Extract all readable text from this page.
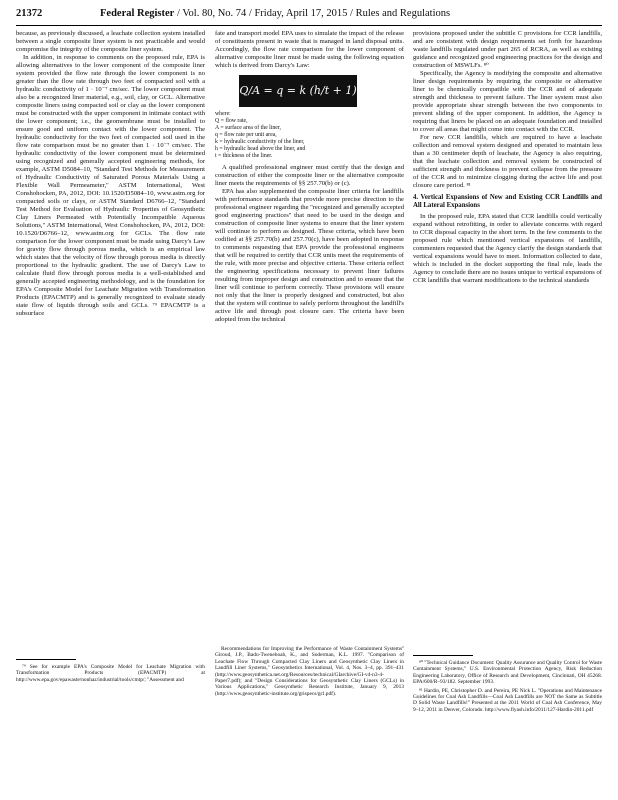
21372	Federal Register / Vol. 80, No. 74 / Friday, April 17, 2015 / Rules and Regulations

because, as previously discussed, a leachate collection system installed between a single composite liner system is not practicable and would compromise the integrity of the composite liner system.

In addition, in response to comments on the proposed rule, EPA is allowing alternatives to the lower component of the composite liner system provided the flow rate through the lower component is no greater than the flow rate through two feet of compacted soil with a hydraulic conductivity of 1 · 10⁻⁷ cm/sec. The lower component must also be a recognized liner material, e.g., soil, clay, or GCL. Alternative composite liners using compacted soil or clay as the lower component must be constructed with the upper component in intimate contact with the lower component; i.e., the geomembrane must be installed to ensure good and uniform contact with the lower component. The hydraulic conductivity for the two feet of compacted soil used in the flow rate comparison must be no greater than 1 · 10⁻⁷ cm/sec. The hydraulic conductivity of the lower component must be determined using recognized and generally accepted engineering methods, for example, ASTM D5084–10, ''Standard Test Methods for Measurement of Hydraulic Conductivity of Saturated Porous Materials Using a Flexible Wall Permeameter,'' ASTM International, West Conshohocken, PA, 2012, DOI: 10.1520/D5084–10, www.astm.org for compacted soils or clays, or ASTM Standard D6766–12, ''Standard Test Method for Evaluation of Hydraulic Properties of Geosynthetic Clay Liners Permeated with Potentially Incompatible Aqueous Solutions,'' ASTM International, West Conshohocken, PA, 2012, DOI: 10.1520/D6766–12, www.astm.org for GCLs. The flow rate comparison for the lower component must be made using Darcy's Law for gravity flow through porous media, which is an empirical law which states that the velocity of flow through porous media is directly proportional to the hydraulic gradient. The use of Darcy's Law to calculate fluid flow through porous media is a well-established and generally accepted engineering methodology, and is the foundation for EPA's Composite Model for Leachate Migration with Transformation Products (EPACMTP) and is generally recognized to evaluate steady state flow of liquids through soils and GCLs. ⁷⁹ EPACMTP is a subsurface

fate and transport model EPA uses to simulate the impact of the release of constituents present in waste that is managed in land disposal units. Accordingly, the flow rate comparison for the lower component of alternative composite liner must be made using the following equation which is derived from Darcy's Law:

Q/A = q = k (h/t + 1)
where:
Q = flow rate,
A = surface area of the liner,
q = flow rate per unit area,
k = hydraulic conductivity of the liner,
h = hydraulic head above the liner, and
t = thickness of the liner.

A qualified professional engineer must certify that the design and construction of either the composite liner or the alternative composite liner meets the requirements of §§ 257.70(b) or (c).

EPA has also supplemented the composite liner criteria for landfills with performance standards that provide more precise direction to the professional engineer regarding the ''recognized and generally accepted good engineering practices'' that need to be used in the design and construction of composite liner systems to ensure that the liner system will continue to perform as designed. These criteria, which have been codified at §§ 257.70(b) and 257.70(c), have been adopted in response to comments requesting that EPA provide the professional engineers that will be required to certify that CCR units meet the requirements of the rule, with more precise and objective criteria. These criteria reflect the engineering specifications necessary to prevent liner failures resulting from improper design and construction and to ensure that the liner will continue to perform correctly. These provisions will ensure not only that the liner is properly designed and constructed, but also that the system will continue to safely perform throughout the landfill's active life and through post closure care. The criteria have been adopted from the technical

provisions proposed under the subtitle C provisions for CCR landfills, and are consistent with design requirements set forth for hazardous waste landfills regulated under part 265 of RCRA, as well as existing guidance and recognized good engineering practices for the design and construction of MSWLFs. ⁸⁰

Specifically, the Agency is modifying the composite and alternative liner design requirements by requiring the composite or alternative liner to be chemically compatible with the CCR and of adequate strength and thickness to prevent failure. The liner system must also provide appropriate shear strength between the two components to prevent sliding of the upper component. In addition, the Agency is requiring that liners be placed on an adequate foundation and installed to cover all areas that might come into contact with the CCR.

For new CCR landfills, which are required to have a leachate collection and removal system designed and operated to maintain less than a 30 centimeter depth of leachate, the Agency is also requiring, that the leachate collection and removal system be constructed of sufficient strength and thickness to prevent collapse from the pressure of the CCR and to minimize clogging during the active life and post closure care period. ⁸¹

4. Vertical Expansions of New and Existing CCR Landfills and All Lateral Expansions

In the proposed rule, EPA stated that CCR landfills could vertically expand without retrofitting, in order to alleviate concerns with regard to CCR disposal capacity in the short term. In the few comments to the proposed rule which mentioned vertical expansions of landfills, commenters requested that the Agency clarify the design standards that vertical expansions would have to meet. Information collected to date, which is included in the docket supporting the final rule, leads the Agency to conclude there are no issues unique to vertical expansions of CCR landfills that warrant modifications to the technical standards

⁷⁹ See for example EPA's Composite Model for Leachate Migration with Transformation Products (EPACMTP) at http://www.epa.gov/epawaste/nonhaz/industrial/tools/cmtp/; ''Assessment and

Recommendations for Improving the Performance of Waste Containment Systems'' Giroud, J.P., Badu-Tweneboah, K., and Soderman, K.L. 1997. ''Comparison of Leachate Flow Through Compacted Clay Liners and Geosynthetic Clay Liners in Landfill Liner Systems,'' Geosynthetics International, Vol. 4, Nos. 3–4, pp. 391–431 (http://www.geosynthetica.net.org/Resources/technical/GIarchive/GI-v4-n3-4-Paper7.pdf); and ''Design Considerations for Geosynthetic Clay Liners (GCLs) in Various Applications,'' Geosynthetic Research Institute, January 9, 2013 (http://www.geosynthetic-institute.org/grispecs/gcl.pdf).

⁸⁰ ''Technical Guidance Document: Quality Assurance and Quality Control for Waste Containment Systems,'' U.S. Environmental Protection Agency, Risk Reduction Engineering Laboratory, Office of Research and Development, Cincinnati, OH 45268. EPA/600/R–93/182. September 1993.

⁸¹ Hardin, PE, Christopher D. and Pereira, PE Nick L. ''Operations and Maintenance Guidelines for Coal Ash Landfills—Coal Ash Landfills are NOT the Same as Subtitle D Solid Waste Landfills!'' Presented at the 2011 World of Coal Ash Conference, May 9–12, 2011 in Denver, Colorado. http://www.flyash.info/2011/127-Hardin-2011.pdf
